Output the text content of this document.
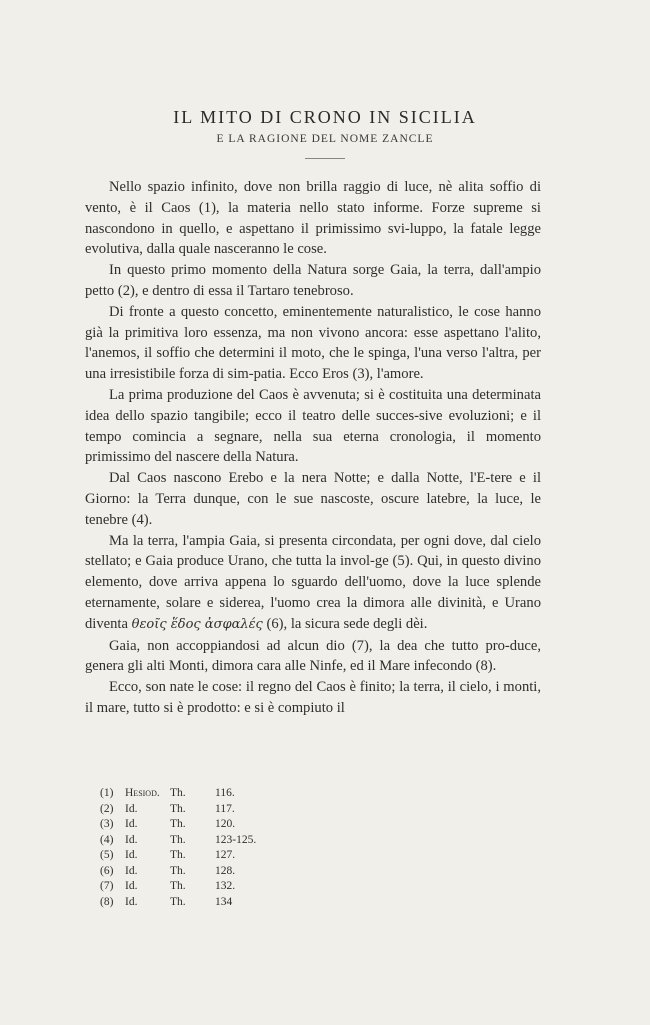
IL MITO DI CRONO IN SICILIA
E LA RAGIONE DEL NOME ZANCLE

Nello spazio infinito, dove non brilla raggio di luce, nè alita soffio di vento, è il Caos (1), la materia nello stato informe. Forze supreme si nascondono in quello, e aspettano il primissimo svi-luppo, la fatale legge evolutiva, dalla quale nasceranno le cose.

In questo primo momento della Natura sorge Gaia, la terra, dall'ampio petto (2), e dentro di essa il Tartaro tenebroso.

Di fronte a questo concetto, eminentemente naturalistico, le cose hanno già la primitiva loro essenza, ma non vivono ancora: esse aspettano l'alito, l'anemos, il soffio che determini il moto, che le spinga, l'una verso l'altra, per una irresistibile forza di sim-patia. Ecco Eros (3), l'amore.

La prima produzione del Caos è avvenuta; si è costituita una determinata idea dello spazio tangibile; ecco il teatro delle succes-sive evoluzioni; e il tempo comincia a segnare, nella sua eterna cronologia, il momento primissimo del nascere della Natura.

Dal Caos nascono Erebo e la nera Notte; e dalla Notte, l'E-tere e il Giorno: la Terra dunque, con le sue nascoste, oscure latebre, la luce, le tenebre (4).

Ma la terra, l'ampia Gaia, si presenta circondata, per ogni dove, dal cielo stellato; e Gaia produce Urano, che tutta la invol-ge (5). Qui, in questo divino elemento, dove arriva appena lo sguardo dell'uomo, dove la luce splende eternamente, solare e siderea, l'uomo crea la dimora alle divinità, e Urano diventa θεοῖς ἕδος ἀσφαλές (6), la sicura sede degli dèi.

Gaia, non accoppiandosi ad alcun dio (7), la dea che tutto pro-duce, genera gli alti Monti, dimora cara alle Ninfe, ed il Mare infecondo (8).

Ecco, son nate le cose: il regno del Caos è finito; la terra, il cielo, i monti, il mare, tutto si è prodotto: e si è compiuto il

(1)	Hesiod. Th.	116.
(2)	Id.	Th.	117.
(3)	Id.	Th.	120.
(4)	Id.	Th.	123-125.
(5)	Id.	Th.	127.
(6)	Id.	Th.	128.
(7)	Id.	Th.	132.
(8)	Id.	Th.	134
